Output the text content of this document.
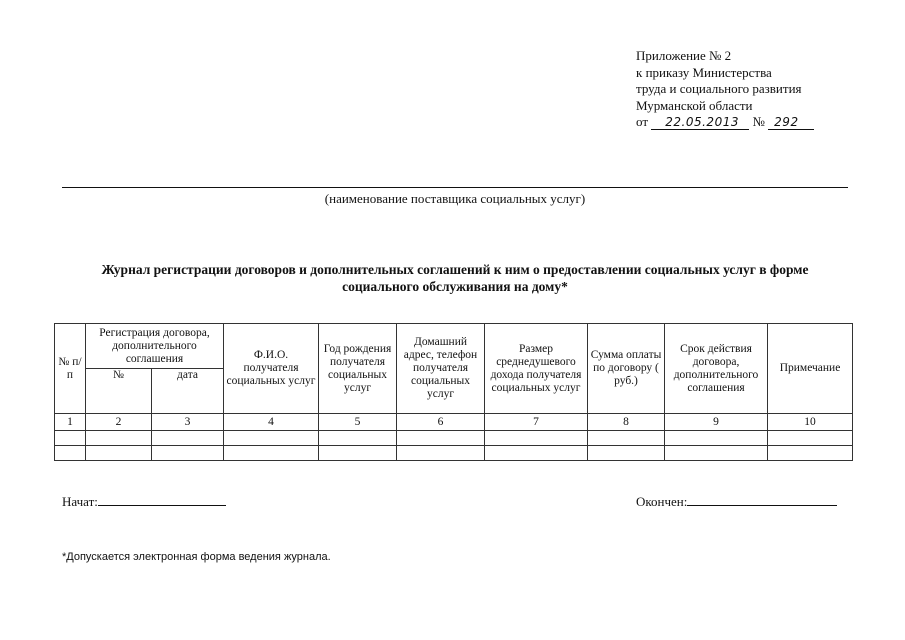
Приложение № 2
к приказу Министерства
труда и социального развития
Мурманской области
от 22.05.2013 № 292
(наименование поставщика социальных услуг)
Журнал регистрации договоров и дополнительных соглашений к ним о предоставлении социальных услуг в форме социального обслуживания на дому*
№ п/п	Регистрация договора, дополнительного соглашения		Ф.И.О. получателя социальных услуг	Год рождения получателя социальных услуг	Домашний адрес, телефон получателя социальных услуг	Размер среднедушевого дохода получателя социальных услуг	Сумма оплаты по договору ( руб.)	Срок действия договора, дополнительного соглашения	Примечание
	№	дата							
1	2	3	4	5	6	7	8	9	10

Начат:	Окончен:
*Допускается электронная форма ведения журнала.
